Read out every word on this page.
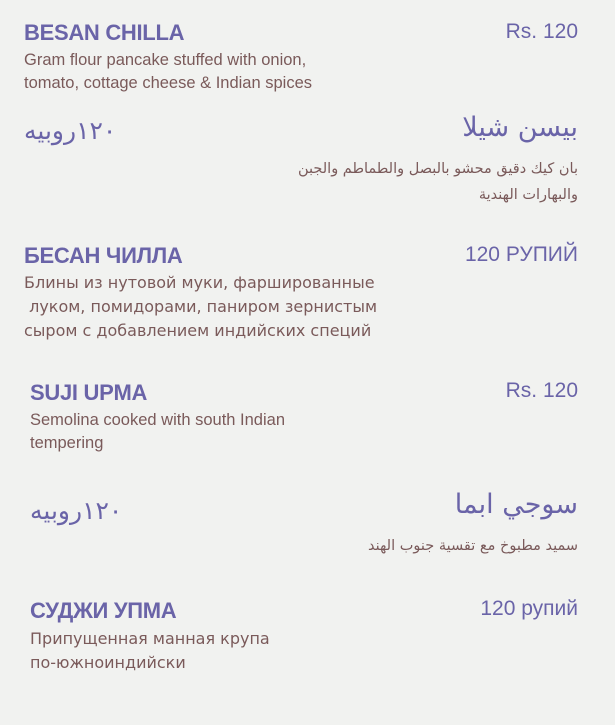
BESAN CHILLA	Rs. 120

Gram flour pancake stuffed with onion,
tomato, cottage cheese & Indian spices

١٢٠روبيه	بيسن شيلا

بان كيك دقيق محشو بالبصل والطماطم والجبن
والبهارات الهندية

БЕСАН ЧИЛЛА	120 РУПИЙ

Блины из нутовой муки, фаршированные
луком, помидорами, паниром зернистым
сыром с добавлением индийских специй

SUJI UPMA	Rs. 120

Semolina cooked with south Indian
tempering

١٢٠روبيه	سوجي ابما

سميد مطبوخ مع تقسية جنوب الهند

СУДЖИ УПМА	120 рупий

Припущенная манная крупа
по-южноиндийски
